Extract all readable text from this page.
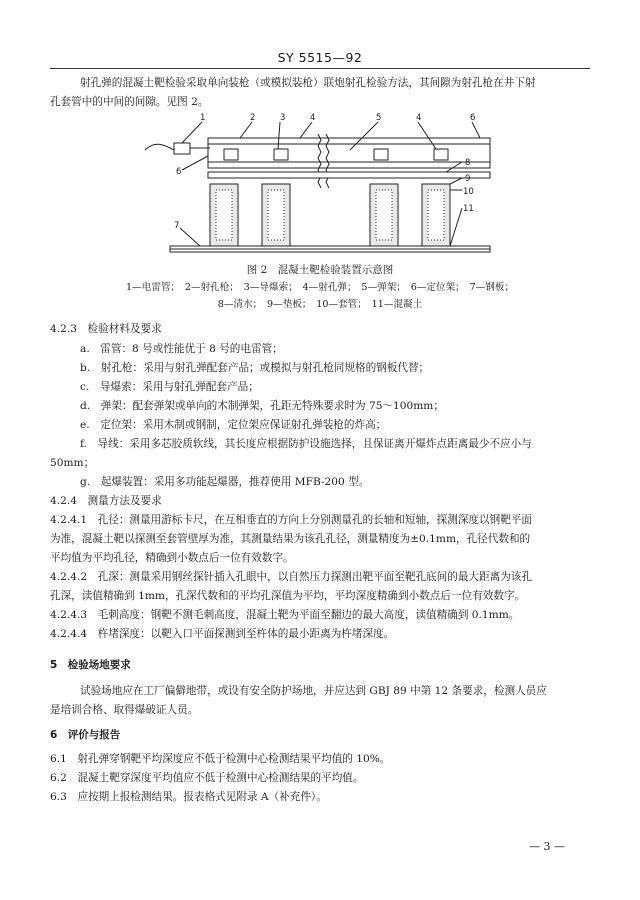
SY 5515—92
射孔弹的混凝土靶检验采取单向装枪（或模拟装枪）联炮射孔检验方法，其间隙为射孔枪在井下射
孔套管中的中间的间隙。见图 2。
1	2	3	4	5	4	6
6
8
9
10
11
7
图 2　混凝土靶检验装置示意图
1—电雷管；　2—射孔枪；　3—导爆索；　4—射孔弹；　5—弹架；　6—定位架；　7—钢板；
8—清水；　9—垫板；　10—套管；　11—混凝土
4.2.3　检验材料及要求
a.　雷管：8 号或性能优于 8 号的电雷管；
b.　射孔枪：采用与射孔弹配套产品；或模拟与射孔枪同规格的钢板代替；
c.　导爆索：采用与射孔弹配套产品；
d.　弹架：配套弹架或单向的木制弹架，孔距无特殊要求时为 75～100mm；
e.　定位架：采用木制或钢制，定位架应保证射孔弹装枪的炸高；
f.　导线：采用多芯胶质软线，其长度应根据防护设施选择，且保证离开爆炸点距离最少不应小与
50mm；
g.　起爆装置：采用多功能起爆器，推荐使用 MFB-200 型。
4.2.4　测量方法及要求
4.2.4.1　孔径：测量用游标卡尺，在互相垂直的方向上分别测量孔的长轴和短轴，探测深度以钢靶平面
为准，混凝土靶以探测至套管壁厚为准，其测量结果为该孔孔径，测量精度为±0.1mm，孔径代数和的
平均值为平均孔径，精确到小数点后一位有效数字。
4.2.4.2　孔深：测量采用钢丝探针插入孔眼中，以自然压力探测出靶平面至靶孔底间的最大距离为该孔
孔深，读值精确到 1mm，孔深代数和的平均孔深值为平均，平均深度精确到小数点后一位有效数字。
4.2.4.3　毛刺高度：钢靶不测毛刺高度，混凝土靶为平面至翻边的最大高度，读值精确到 0.1mm。
4.2.4.4　杵堵深度：以靶入口平面探测到至杵体的最小距离为杵堵深度。
5　检验场地要求
试验场地应在工厂偏僻地带，或设有安全防护场地，并应达到 GBJ 89 中第 12 条要求，检测人员应
是培训合格、取得爆破证人员。
6　评价与报告
6.1　射孔弹穿钢靶平均深度应不低于检测中心检测结果平均值的 10%。
6.2　混凝土靶穿深度平均值应不低于检测中心检测结果的平均值。
6.3　应按期上报检测结果。报表格式见附录 A（补充件）。
— 3 —
